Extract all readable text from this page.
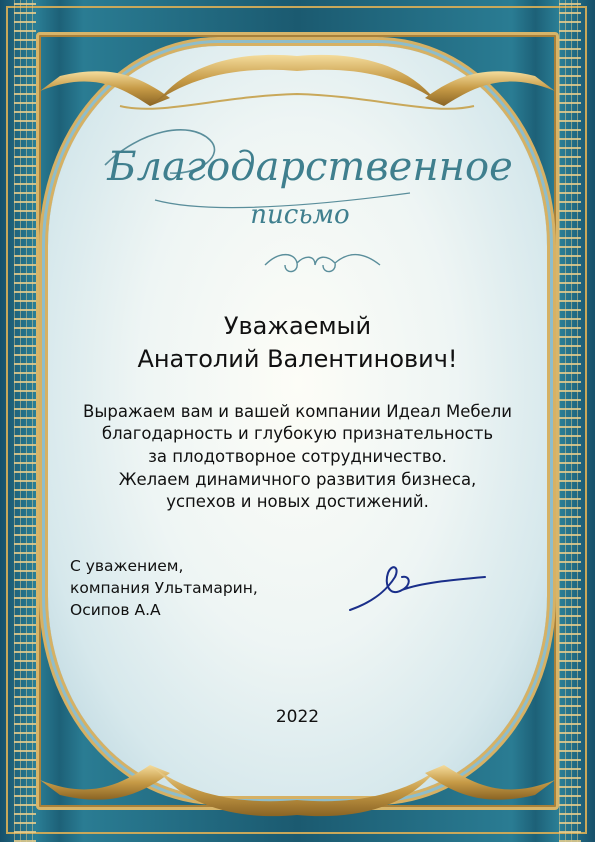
Благодарственное
письмо
Уважаемый
Анатолий Валентинович!
Выражаем вам и вашей компании Идеал Мебели
благодарность и глубокую признательность
за плодотворное сотрудничество.
Желаем динамичного развития бизнеса,
успехов и новых достижений.
С уважением,
компания Ультамарин,
Осипов А.А
2022
